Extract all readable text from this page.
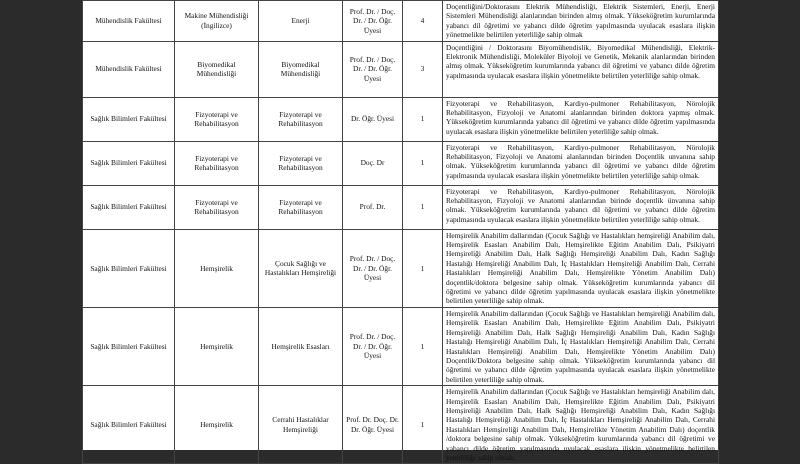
Mühendislik Fakültesi	Makine Mühendisliği (İngilizce)	Enerji	Prof. Dr. / Doç. Dr. / Dr. Öğr. Üyesi	4	Doçentliğini/Doktorasını Elektrik Mühendisliği, Elektrik Sistemleri, Enerji, Enerji Sistemleri Mühendisliği alanlarından birinden almış olmak. Yükseköğretim kurumlarında yabancı dil öğretimi ve yabancı dilde öğretim yapılmasında uyulacak esaslara ilişkin yönetmelikte belirtilen yeterliliğe sahip olmak
Mühendislik Fakültesi	Biyomedikal Mühendisliği	Biyomedikal Mühendisliği	Prof. Dr. / Doç. Dr. / Dr. Öğr. Üyesi	3	Doçentliğini / Doktorasını Biyomühendislik, Biyomedikal Mühendisliği, Elektrik-Elektronik Mühendisliği, Moleküler Biyoloji ve Genetik, Mekanik alanlarından birinden almış olmak. Yükseköğretim kurumlarında yabancı dil öğretimi ve yabancı dilde öğretim yapılmasında uyulacak esaslara ilişkin yönetmelikte belirtilen yeterliliğe sahip olmak.
Sağlık Bilimleri Fakültesi	Fizyoterapi ve Rehabilitasyon	Fizyoterapi ve Rehabilitasyon	Dr. Öğr. Üyesi	1	Fizyoterapi ve Rehabilitasyon, Kardiyo-pulmoner Rehabilitasyon, Nörolojik Rehabilitasyon, Fizyoloji ve Anatomi alanlarından birinden doktora yapmış olmak. Yükseköğretim kurumlarında yabancı dil öğretimi ve yabancı dilde öğretim yapılmasında uyulacak esaslara ilişkin yönetmelikte belirtilen yeterliliğe sahip olmak.
Sağlık Bilimleri Fakültesi	Fizyoterapi ve Rehabilitasyon	Fizyoterapi ve Rehabilitasyon	Doç. Dr	1	Fizyoterapi ve Rehabilitasyon, Kardiyo-pulmoner Rehabilitasyon, Nörolojik Rehabilitasyon, Fizyoloji ve Anatomi alanlarından birinden Doçentlik unvanına sahip olmak. Yükseköğretim kurumlarında yabancı dil öğretimi ve yabancı dilde öğretim yapılmasında uyulacak esaslara ilişkin yönetmelikte belirtilen yeterliliğe sahip olmak.
Sağlık Bilimleri Fakültesi	Fizyoterapi ve Rehabilitasyon	Fizyoterapi ve Rehabilitasyon	Prof. Dr.	1	Fizyoterapi ve Rehabilitasyon, Kardiyo-pulmoner Rehabilitasyon, Nörolojik Rehabilitasyon, Fizyoloji ve Anatomi alanlarından birinde doçentlik ünvanına sahip olmak. Yükseköğretim kurumlarında yabancı dil öğretimi ve yabancı dilde öğretim yapılmasında uyulacak esaslara ilişkin yönetmelikte belirtilen yeterliliğe sahip olmak.
Sağlık Bilimleri Fakültesi	Hemşirelik	Çocuk Sağlığı ve Hastalıkları Hemşireliği	Prof. Dr. / Doç. Dr. / Dr. Öğr. Üyesi	1	Hemşirelik Anabilim dallarından (Çocuk Sağlığı ve Hastalıkları hemşireliği Anabilim dalı, Hemşirelik Esasları Anabilim Dalı, Hemşirelikte Eğitim Anabilim Dalı, Psikiyatri Hemşireliği Anabilim Dalı, Halk Sağlığı Hemşireliği Anabilim Dalı, Kadın Sağlığı Hastalığı Hemşireliği Anabilim Dalı, İç Hastalıkları Hemşireliği Anabilim Dalı, Cerrahi Hastalıkları Hemşireliği Anabilim Dalı, Hemşirelikte Yönetim Anabilim Dalı) doçentlik/doktora belgesine sahip olmak. Yükseköğretim kurumlarında yabancı dil öğretimi ve yabancı dilde öğretim yapılmasında uyulacak esaslara ilişkin yönetmelikte belirtilen yeterliliğe sahip olmak.
Sağlık Bilimleri Fakültesi	Hemşirelik	Hemşirelik Esasları	Prof. Dr. / Doç. Dr. / Dr. Öğr. Üyesi	1	Hemşirelik Anabilim dallarından (Çocuk Sağlığı ve Hastalıkları hemşireliği Anabilim dalı, Hemşirelik Esasları Anabilim Dalı, Hemşirelikte Eğitim Anabilim Dalı, Psikiyatri Hemşireliği Anabilim Dalı, Halk Sağlığı Hemşireliği Anabilim Dalı, Kadın Sağlığı Hastalığı Hemşireliği Anabilim Dalı, İç Hastalıkları Hemşireliği Anabilim Dalı, Cerrahi Hastalıkları Hemşireliği Anabilim Dalı, Hemşirelikte Yönetim Anabilim Dalı) Doçentlik/Doktora belgesine sahip olmak. Yükseköğretim kurumlarında yabancı dil öğretimi ve yabancı dilde öğretim yapılmasında uyulacak esaslara ilişkin yönetmelikte belirtilen yeterliliğe sahip olmak.
Sağlık Bilimleri Fakültesi	Hemşirelik	Cerrahi Hastalıklar Hemşireliği	Prof. Dr. Doç. Dr. Dr. Öğr. Üyesi	1	Hemşirelik Anabilim dallarından (Çocuk Sağlığı ve Hastalıkları hemşireliği Anabilim dalı, Hemşirelik Esasları Anabilim Dalı, Hemşirelikte Eğitim Anabilim Dalı, Psikiyatri Hemşireliği Anabilim Dalı, Halk Sağlığı Hemşireliği Anabilim Dalı, Kadın Sağlığı Hastalığı Hemşireliği Anabilim Dalı, İç Hastalıkları Hemşireliği Anabilim Dalı, Cerrahi Hastalıkları Hemşireliği Anabilim Dalı, Hemşirelikte Yönetim Anabilim Dalı) doçentlik /doktora belgesine sahip olmak. Yükseköğretim kurumlarında yabancı dil öğretimi ve yabancı dilde öğretim yapılmasında uyulacak esaslara ilişkin yönetmelikte belirtilen yeterliliğe sahip olmak.
